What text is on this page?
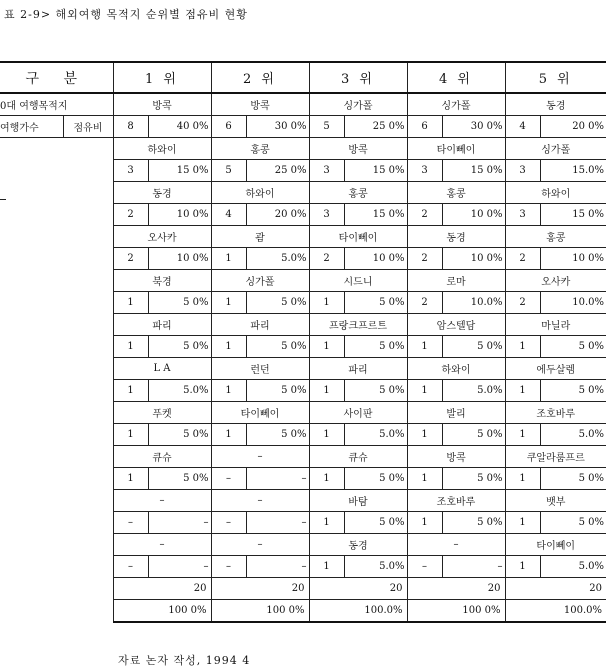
표 2-9> 해외여행 목적지 순위별 점유비 현황
구 분		1 위		2 위		3 위		4 위		5 위	
0대 여행목적지		방콕		방콕		싱가폴		싱가폴		동경	
여행가수	점유비	8	40 0%	6	30 0%	5	25 0%	6	30 0%	4	20 0%
		하와이		홍콩		방콕		타이뻬이		싱가폴	
		3	15 0%	5	25 0%	3	15 0%	3	15 0%	3	15.0%
		동경		하와이		홍콩		홍콩		하와이	
		2	10 0%	4	20 0%	3	15 0%	2	10 0%	3	15 0%
		오사카		괌		타이뻬이		동경		홍콩	
		2	10 0%	1	5.0%	2	10 0%	2	10 0%	2	10 0%
		북경		싱가폴		시드니		로마		오사카	
		1	5 0%	1	5 0%	1	5 0%	2	10.0%	2	10.0%
		파리		파리		프랑크프르트		암스텔담		마닐라	
		1	5 0%	1	5 0%	1	5 0%	1	5 0%	1	5 0%
		L A		런던		파리		하와이		에두살렘	
		1	5.0%	1	5 0%	1	5 0%	1	5.0%	1	5 0%
		푸켓		타이뻬이		사이판		발리		조호바루	
		1	5 0%	1	5 0%	1	5.0%	1	5 0%	1	5.0%
		큐슈		–		큐슈		방콕		쿠알라룸프르	
		1	5 0%	–	–	1	5 0%	1	5 0%	1	5 0%
		–		–		바탐		조호바루		뱃부	
		–	–	–	–	1	5 0%	1	5 0%	1	5 0%
		–		–		동경		–		타이뻬이	
		–	–	–	–	1	5.0%	–	–	1	5.0%
		20		20		20		20		20	
		100 0%		100 0%		100.0%		100 0%		100.0%	
자료 논자 작성, 1994 4
